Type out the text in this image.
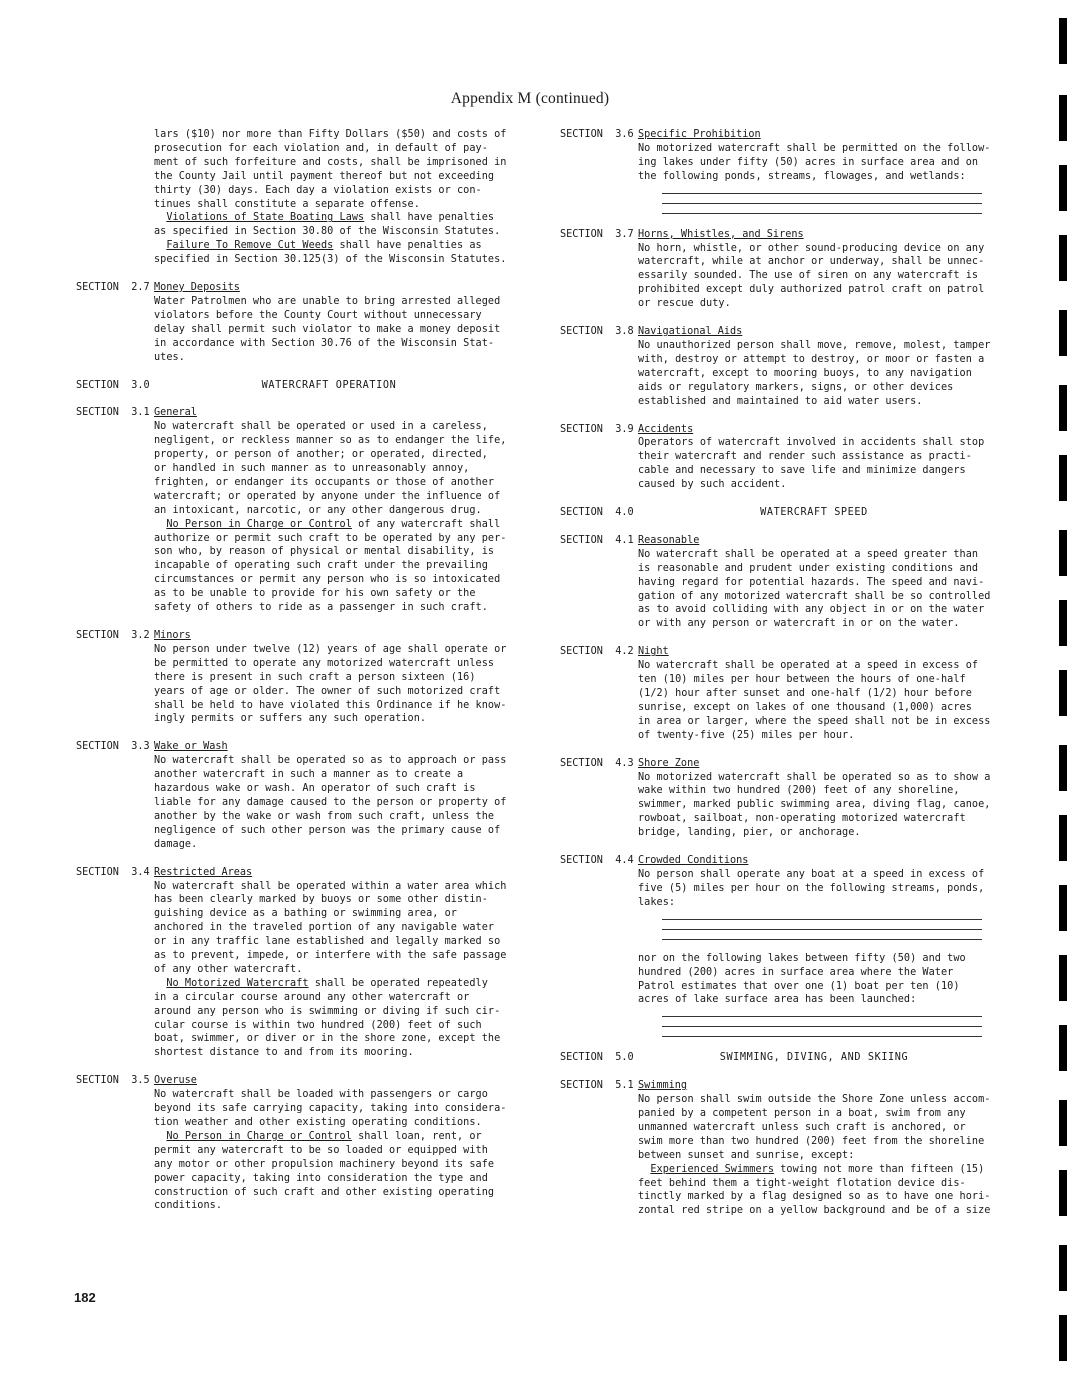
Appendix M (continued)
lars ($10) nor more than Fifty Dollars ($50) and costs of
prosecution for each violation and, in default of pay-
ment of such forfeiture and costs, shall be imprisoned in
the County Jail until payment thereof but not exceeding
thirty (30) days. Each day a violation exists or con-
tinues shall constitute a separate offense.
Violations of State Boating Laws shall have penalties
as specified in Section 30.80 of the Wisconsin Statutes.
Failure To Remove Cut Weeds shall have penalties as
specified in Section 30.125(3) of the Wisconsin Statutes.
SECTION  2.7 Money Deposits
Water Patrolmen who are unable to bring arrested alleged
violators before the County Court without unnecessary
delay shall permit such violator to make a money deposit
in accordance with Section 30.76 of the Wisconsin Stat-
utes.
SECTION  3.0	WATERCRAFT OPERATION
SECTION  3.1 General
No watercraft shall be operated or used in a careless,
negligent, or reckless manner so as to endanger the life,
property, or person of another; or operated, directed,
or handled in such manner as to unreasonably annoy,
frighten, or endanger its occupants or those of another
watercraft; or operated by anyone under the influence of
an intoxicant, narcotic, or any other dangerous drug.
No Person in Charge or Control of any watercraft shall
authorize or permit such craft to be operated by any per-
son who, by reason of physical or mental disability, is
incapable of operating such craft under the prevailing
circumstances or permit any person who is so intoxicated
as to be unable to provide for his own safety or the
safety of others to ride as a passenger in such craft.
SECTION  3.2 Minors
No person under twelve (12) years of age shall operate or
be permitted to operate any motorized watercraft unless
there is present in such craft a person sixteen (16)
years of age or older. The owner of such motorized craft
shall be held to have violated this Ordinance if he know-
ingly permits or suffers any such operation.
SECTION  3.3 Wake or Wash
No watercraft shall be operated so as to approach or pass
another watercraft in such a manner as to create a
hazardous wake or wash. An operator of such craft is
liable for any damage caused to the person or property of
another by the wake or wash from such craft, unless the
negligence of such other person was the primary cause of
damage.
SECTION  3.4 Restricted Areas
No watercraft shall be operated within a water area which
has been clearly marked by buoys or some other distin-
guishing device as a bathing or swimming area, or
anchored in the traveled portion of any navigable water
or in any traffic lane established and legally marked so
as to prevent, impede, or interfere with the safe passage
of any other watercraft.
No Motorized Watercraft shall be operated repeatedly
in a circular course around any other watercraft or
around any person who is swimming or diving if such cir-
cular course is within two hundred (200) feet of such
boat, swimmer, or diver or in the shore zone, except the
shortest distance to and from its mooring.
SECTION  3.5 Overuse
No watercraft shall be loaded with passengers or cargo
beyond its safe carrying capacity, taking into considera-
tion weather and other existing operating conditions.
No Person in Charge or Control shall loan, rent, or
permit any watercraft to be so loaded or equipped with
any motor or other propulsion machinery beyond its safe
power capacity, taking into consideration the type and
construction of such craft and other existing operating
conditions.
SECTION  3.6 Specific Prohibition
No motorized watercraft shall be permitted on the follow-
ing lakes under fifty (50) acres in surface area and on
the following ponds, streams, flowages, and wetlands:
SECTION  3.7 Horns, Whistles, and Sirens
No horn, whistle, or other sound-producing device on any
watercraft, while at anchor or underway, shall be unnec-
essarily sounded. The use of siren on any watercraft is
prohibited except duly authorized patrol craft on patrol
or rescue duty.
SECTION  3.8 Navigational Aids
No unauthorized person shall move, remove, molest, tamper
with, destroy or attempt to destroy, or moor or fasten a
watercraft, except to mooring buoys, to any navigation
aids or regulatory markers, signs, or other devices
established and maintained to aid water users.
SECTION  3.9 Accidents
Operators of watercraft involved in accidents shall stop
their watercraft and render such assistance as practi-
cable and necessary to save life and minimize dangers
caused by such accident.
SECTION  4.0	WATERCRAFT SPEED
SECTION  4.1 Reasonable
No watercraft shall be operated at a speed greater than
is reasonable and prudent under existing conditions and
having regard for potential hazards. The speed and navi-
gation of any motorized watercraft shall be so controlled
as to avoid colliding with any object in or on the water
or with any person or watercraft in or on the water.
SECTION  4.2 Night
No watercraft shall be operated at a speed in excess of
ten (10) miles per hour between the hours of one-half
(1/2) hour after sunset and one-half (1/2) hour before
sunrise, except on lakes of one thousand (1,000) acres
in area or larger, where the speed shall not be in excess
of twenty-five (25) miles per hour.
SECTION  4.3 Shore Zone
No motorized watercraft shall be operated so as to show a
wake within two hundred (200) feet of any shoreline,
swimmer, marked public swimming area, diving flag, canoe,
rowboat, sailboat, non-operating motorized watercraft
bridge, landing, pier, or anchorage.
SECTION  4.4 Crowded Conditions
No person shall operate any boat at a speed in excess of
five (5) miles per hour on the following streams, ponds,
lakes:
nor on the following lakes between fifty (50) and two
hundred (200) acres in surface area where the Water
Patrol estimates that over one (1) boat per ten (10)
acres of lake surface area has been launched:
SECTION  5.0	SWIMMING, DIVING, AND SKIING
SECTION  5.1 Swimming
No person shall swim outside the Shore Zone unless accom-
panied by a competent person in a boat, swim from any
unmanned watercraft unless such craft is anchored, or
swim more than two hundred (200) feet from the shoreline
between sunset and sunrise, except:
Experienced Swimmers towing not more than fifteen (15)
feet behind them a tight-weight flotation device dis-
tinctly marked by a flag designed so as to have one hori-
zontal red stripe on a yellow background and be of a size
182
